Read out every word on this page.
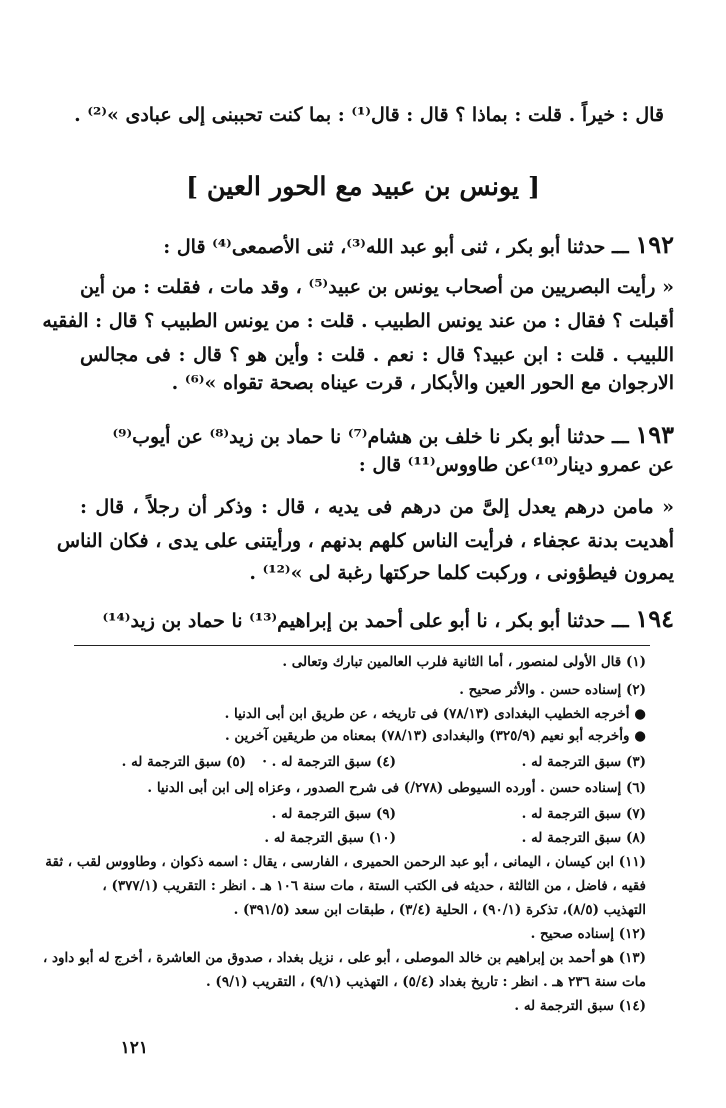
قال : خيراً . قلت : بماذا ؟ قال : قال⁽¹⁾ : بما كنت تحببنى إلى عبادى »⁽²⁾ .
[ يونس بن عبيد مع الحور العين ]
١٩٢ ـــ حدثنا أبو بكر ، ثنى أبو عبد الله⁽³⁾، ثنى الأصمعى⁽⁴⁾ قال :
« رأيت البصريين من أصحاب يونس بن عبيد⁽⁵⁾ ، وقد مات ، فقلت : من أين
أقبلت ؟ فقال : من عند يونس الطبيب . قلت : من يونس الطبيب ؟ قال : الفقيه
اللبيب . قلت : ابن عبيد؟ قال : نعم . قلت : وأين هو ؟ قال : فى مجالس
الارجوان مع الحور العين والأبكار ، قرت عيناه بصحة تقواه »⁽⁶⁾ .
١٩٣ ـــ حدثنا أبو بكر نا خلف بن هشام⁽⁷⁾ نا حماد بن زيد⁽⁸⁾ عن أيوب⁽⁹⁾
عن عمرو دينار⁽¹⁰⁾عن طاووس⁽¹¹⁾ قال :
« مامن درهم يعدل إلىَّ من درهم فى يديه ، قال : وذكر أن رجلاً ، قال :
أهديت بدنة عجفاء ، فرأيت الناس كلهم بدنهم ، ورأيتنى على يدى ، فكان الناس
يمرون فيطؤونى ، وركبت كلما حركتها رغبة لى »⁽¹²⁾ .
١٩٤ ـــ حدثنا أبو بكر ، نا أبو على أحمد بن إبراهيم⁽¹³⁾ نا حماد بن زيد⁽¹⁴⁾
(١) قال الأولى لمنصور ، أما الثانية فلرب العالمين تبارك وتعالى .
(٢) إسناده حسن . والأثر صحيح .
● أخرجه الخطيب البغدادى (٧٨/١٣) فى تاريخه ، عن طريق ابن أبى الدنيا .
● وأخرجه أبو نعيم (٣٢٥/٩) والبغدادى (٧٨/١٣) بمعناه من طريقين آخرين .
(٣) سبق الترجمة له .
(٤) سبق الترجمة له . ·
(٥) سبق الترجمة له .
(٦) إسناده حسن . أورده السيوطى (٢٧٨/) فى شرح الصدور ، وعزاه إلى ابن أبى الدنيا .
(٧) سبق الترجمة له .
(٩) سبق الترجمة له .
(٨) سبق الترجمة له .
(١٠) سبق الترجمة له .
(١١) ابن كيسان ، اليمانى ، أبو عبد الرحمن الحميرى ، الفارسى ، يقال : اسمه ذكوان ، وطاووس لقب ، ثقة
فقيه ، فاضل ، من الثالثة ، حديثه فى الكتب الستة ، مات سنة ١٠٦ هـ . انظر : التقريب (٣٧٧/١) ،
التهذيب (٨/٥)، تذكرة (٩٠/١) ، الحلية (٣/٤) ، طبقات ابن سعد (٣٩١/٥) .
(١٢) إسناده صحيح .
(١٣) هو أحمد بن إبراهيم بن خالد الموصلى ، أبو على ، نزيل بغداد ، صدوق من العاشرة ، أخرج له أبو داود ،
مات سنة ٢٣٦ هـ . انظر : تاريخ بغداد (٥/٤) ، التهذيب (٩/١) ، التقريب (٩/١) .
(١٤) سبق الترجمة له .
١٢١
